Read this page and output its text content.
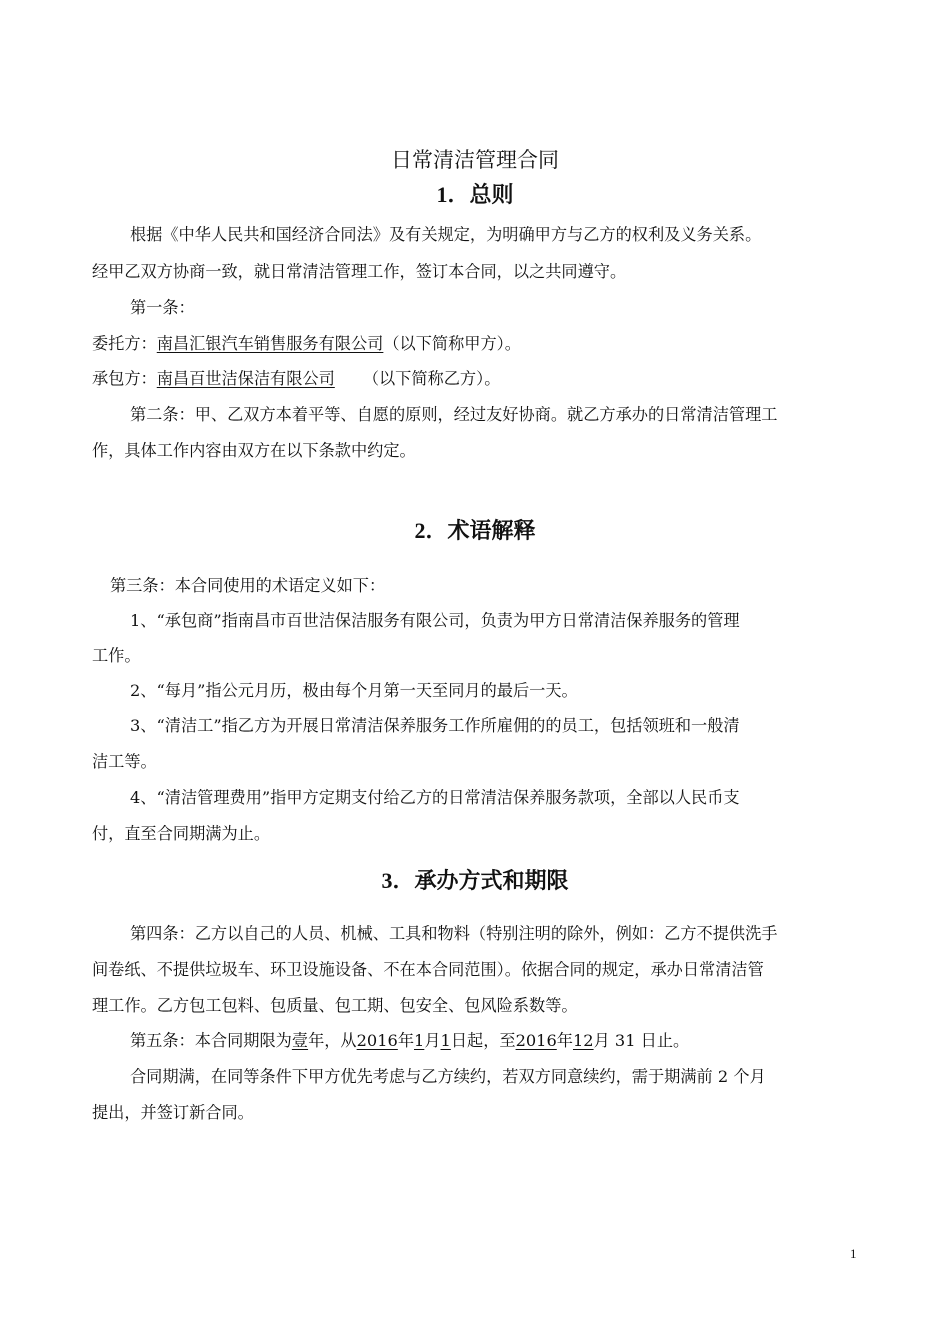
日常清洁管理合同
1．总则
根据《中华人民共和国经济合同法》及有关规定，为明确甲方与乙方的权利及义务关系。
经甲乙双方协商一致，就日常清洁管理工作，签订本合同，以之共同遵守。
第一条：
委托方：南昌汇银汽车销售服务有限公司（以下简称甲方）。
承包方：南昌百世洁保洁有限公司 （以下简称乙方）。
第二条：甲、乙双方本着平等、自愿的原则，经过友好协商。就乙方承办的日常清洁管理工
作，具体工作内容由双方在以下条款中约定。
2．术语解释
第三条：本合同使用的术语定义如下：
1、“承包商”指南昌市百世洁保洁服务有限公司，负责为甲方日常清洁保养服务的管理
工作。
2、“每月”指公元月历，极由每个月第一天至同月的最后一天。
3、“清洁工”指乙方为开展日常清洁保养服务工作所雇佣的的员工，包括领班和一般清
洁工等。
4、“清洁管理费用”指甲方定期支付给乙方的日常清洁保养服务款项，全部以人民币支
付，直至合同期满为止。
3．承办方式和期限
第四条：乙方以自己的人员、机械、工具和物料（特别注明的除外，例如：乙方不提供洗手
间卷纸、不提供垃圾车、环卫设施设备、不在本合同范围）。依据合同的规定，承办日常清洁管
理工作。乙方包工包料、包质量、包工期、包安全、包风险系数等。
第五条：本合同期限为壹年，从2016年1月1日起，至2016年12月 31 日止。
合同期满，在同等条件下甲方优先考虑与乙方续约，若双方同意续约，需于期满前 2 个月
提出，并签订新合同。
1
